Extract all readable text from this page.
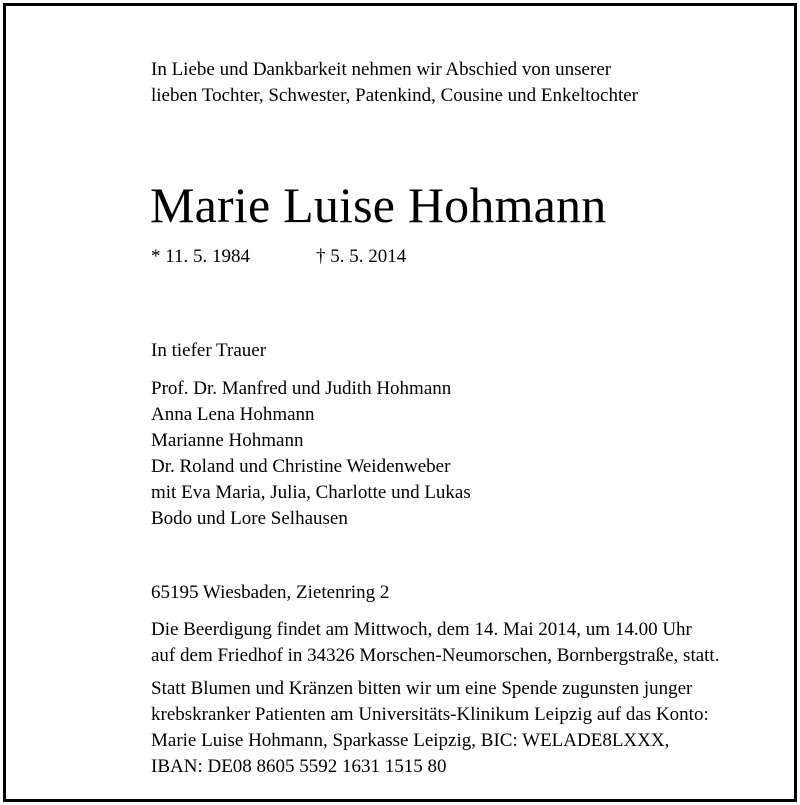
In Liebe und Dankbarkeit nehmen wir Abschied von unserer
lieben Tochter, Schwester, Patenkind, Cousine und Enkeltochter
Marie Luise Hohmann
* 11. 5. 1984	† 5. 5. 2014
In tiefer Trauer
Prof. Dr. Manfred und Judith Hohmann
Anna Lena Hohmann
Marianne Hohmann
Dr. Roland und Christine Weidenweber
mit Eva Maria, Julia, Charlotte und Lukas
Bodo und Lore Selhausen
65195 Wiesbaden, Zietenring 2
Die Beerdigung findet am Mittwoch, dem 14. Mai 2014, um 14.00 Uhr
auf dem Friedhof in 34326 Morschen-Neumorschen, Bornbergstraße, statt.
Statt Blumen und Kränzen bitten wir um eine Spende zugunsten junger
krebskranker Patienten am Universitäts-Klinikum Leipzig auf das Konto:
Marie Luise Hohmann, Sparkasse Leipzig, BIC: WELADE8LXXX,
IBAN: DE08 8605 5592 1631 1515 80
